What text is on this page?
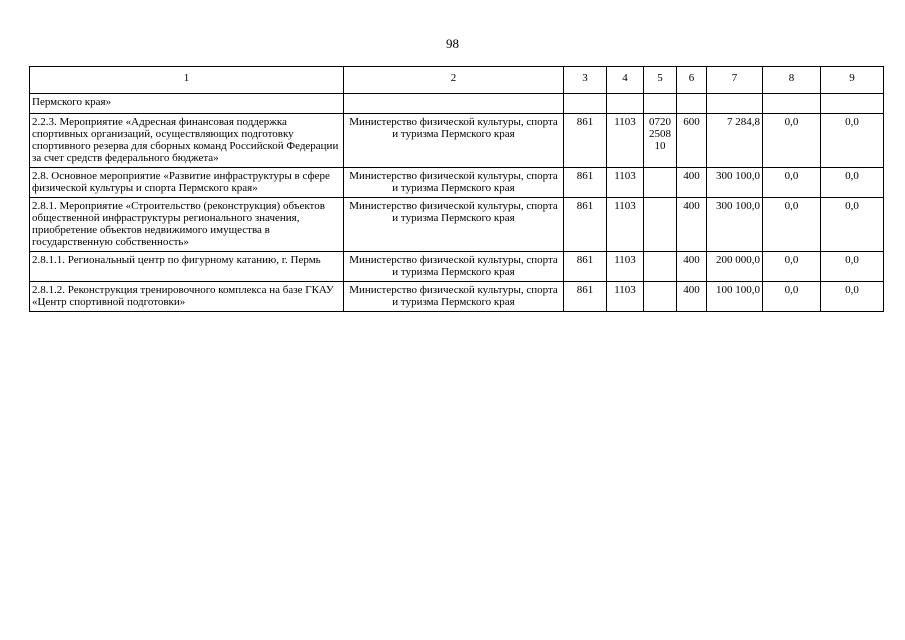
98
1	2	3	4	5	6	7	8	9
Пермского края»								
2.2.3. Мероприятие «Адресная финансовая поддержка спортивных организаций, осуществляющих подготовку спортивного резерва для сборных команд Российской Федерации за счет средств федерального бюджета»	Министерство физической культуры, спорта и туризма Пермского края	861	1103	0720 2508 10	600	7 284,8	0,0	0,0
2.8. Основное мероприятие «Развитие инфраструктуры в сфере физической культуры и спорта Пермского края»	Министерство физической культуры, спорта и туризма Пермского края	861	1103		400	300 100,0	0,0	0,0
2.8.1. Мероприятие «Строительство (реконструкция) объектов общественной инфраструктуры регионального значения, приобретение объектов недвижимого имущества в государственную собственность»	Министерство физической культуры, спорта и туризма Пермского края	861	1103		400	300 100,0	0,0	0,0
2.8.1.1. Региональный центр по фигурному катанию, г. Пермь	Министерство физической культуры, спорта и туризма Пермского края	861	1103		400	200 000,0	0,0	0,0
2.8.1.2. Реконструкция тренировочного комплекса на базе ГКАУ «Центр спортивной подготовки»	Министерство физической культуры, спорта и туризма Пермского края	861	1103		400	100 100,0	0,0	0,0
